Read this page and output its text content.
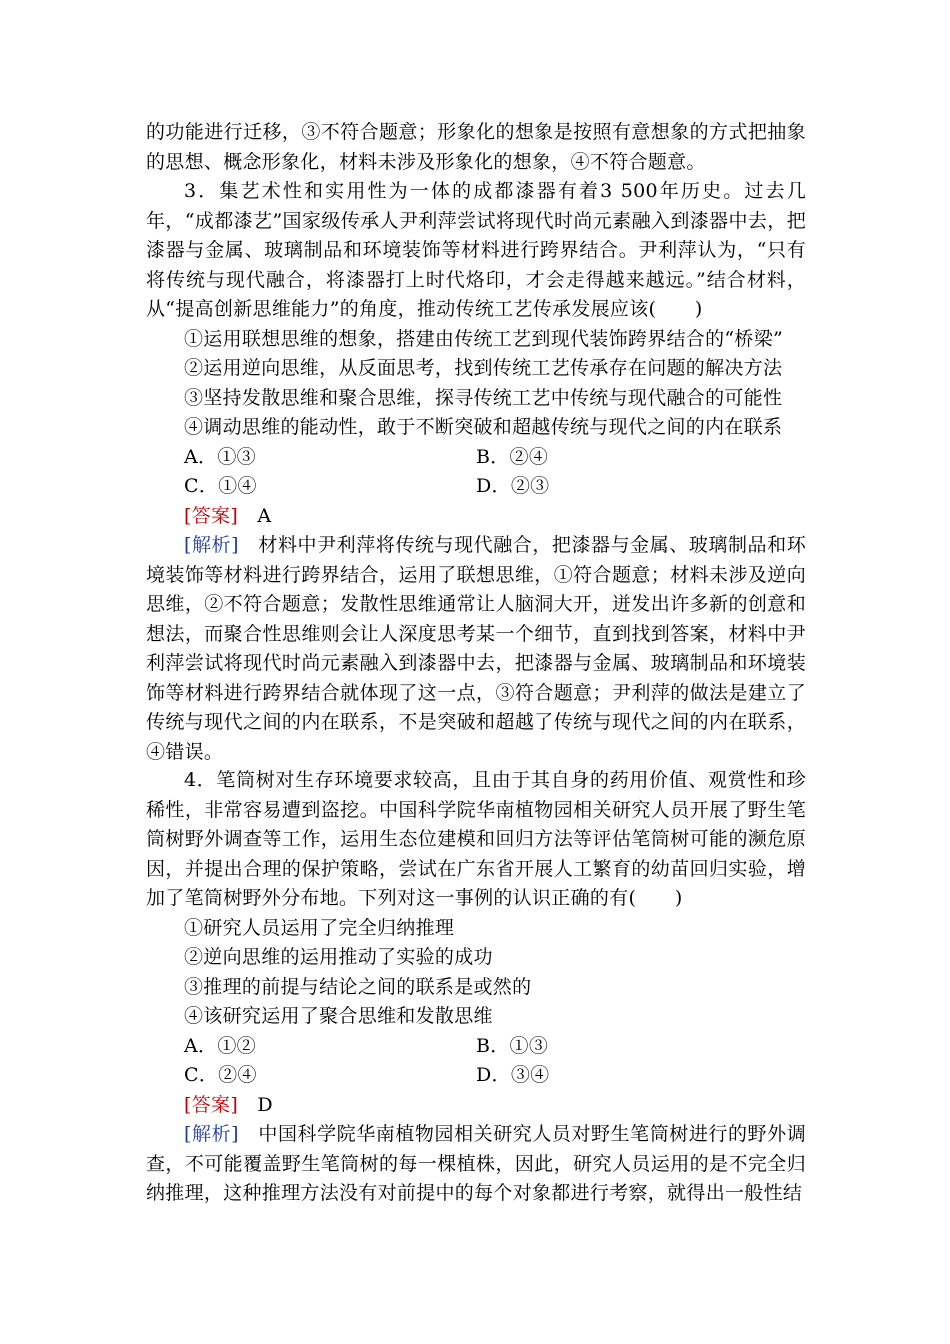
的功能进行迁移，③不符合题意；形象化的想象是按照有意想象的方式把抽象的思想、概念形象化，材料未涉及形象化的想象，④不符合题意。

3．集艺术性和实用性为一体的成都漆器有着3 500年历史。过去几年，“成都漆艺”国家级传承人尹利萍尝试将现代时尚元素融入到漆器中去，把漆器与金属、玻璃制品和环境装饰等材料进行跨界结合。尹利萍认为，“只有将传统与现代融合，将漆器打上时代烙印，才会走得越来越远。”结合材料，从“提高创新思维能力”的角度，推动传统工艺传承发展应该(　　)

①运用联想思维的想象，搭建由传统工艺到现代装饰跨界结合的“桥梁”

②运用逆向思维，从反面思考，找到传统工艺传承存在问题的解决方法

③坚持发散思维和聚合思维，探寻传统工艺中传统与现代融合的可能性

④调动思维的能动性，敢于不断突破和超越传统与现代之间的内在联系

A．①③	B．②④

C．①④	D．②③

[答案]  A

[解析]  材料中尹利萍将传统与现代融合，把漆器与金属、玻璃制品和环境装饰等材料进行跨界结合，运用了联想思维，①符合题意；材料未涉及逆向思维，②不符合题意；发散性思维通常让人脑洞大开，迸发出许多新的创意和想法，而聚合性思维则会让人深度思考某一个细节，直到找到答案，材料中尹利萍尝试将现代时尚元素融入到漆器中去，把漆器与金属、玻璃制品和环境装饰等材料进行跨界结合就体现了这一点，③符合题意；尹利萍的做法是建立了传统与现代之间的内在联系，不是突破和超越了传统与现代之间的内在联系，④错误。

4．笔筒树对生存环境要求较高，且由于其自身的药用价值、观赏性和珍稀性，非常容易遭到盗挖。中国科学院华南植物园相关研究人员开展了野生笔筒树野外调查等工作，运用生态位建模和回归方法等评估笔筒树可能的濒危原因，并提出合理的保护策略，尝试在广东省开展人工繁育的幼苗回归实验，增加了笔筒树野外分布地。下列对这一事例的认识正确的有(　　)

①研究人员运用了完全归纳推理

②逆向思维的运用推动了实验的成功

③推理的前提与结论之间的联系是或然的

④该研究运用了聚合思维和发散思维

A．①②	B．①③

C．②④	D．③④

[答案]  D

[解析]  中国科学院华南植物园相关研究人员对野生笔筒树进行的野外调查，不可能覆盖野生笔筒树的每一棵植株，因此，研究人员运用的是不完全归纳推理，这种推理方法没有对前提中的每个对象都进行考察，就得出一般性结
